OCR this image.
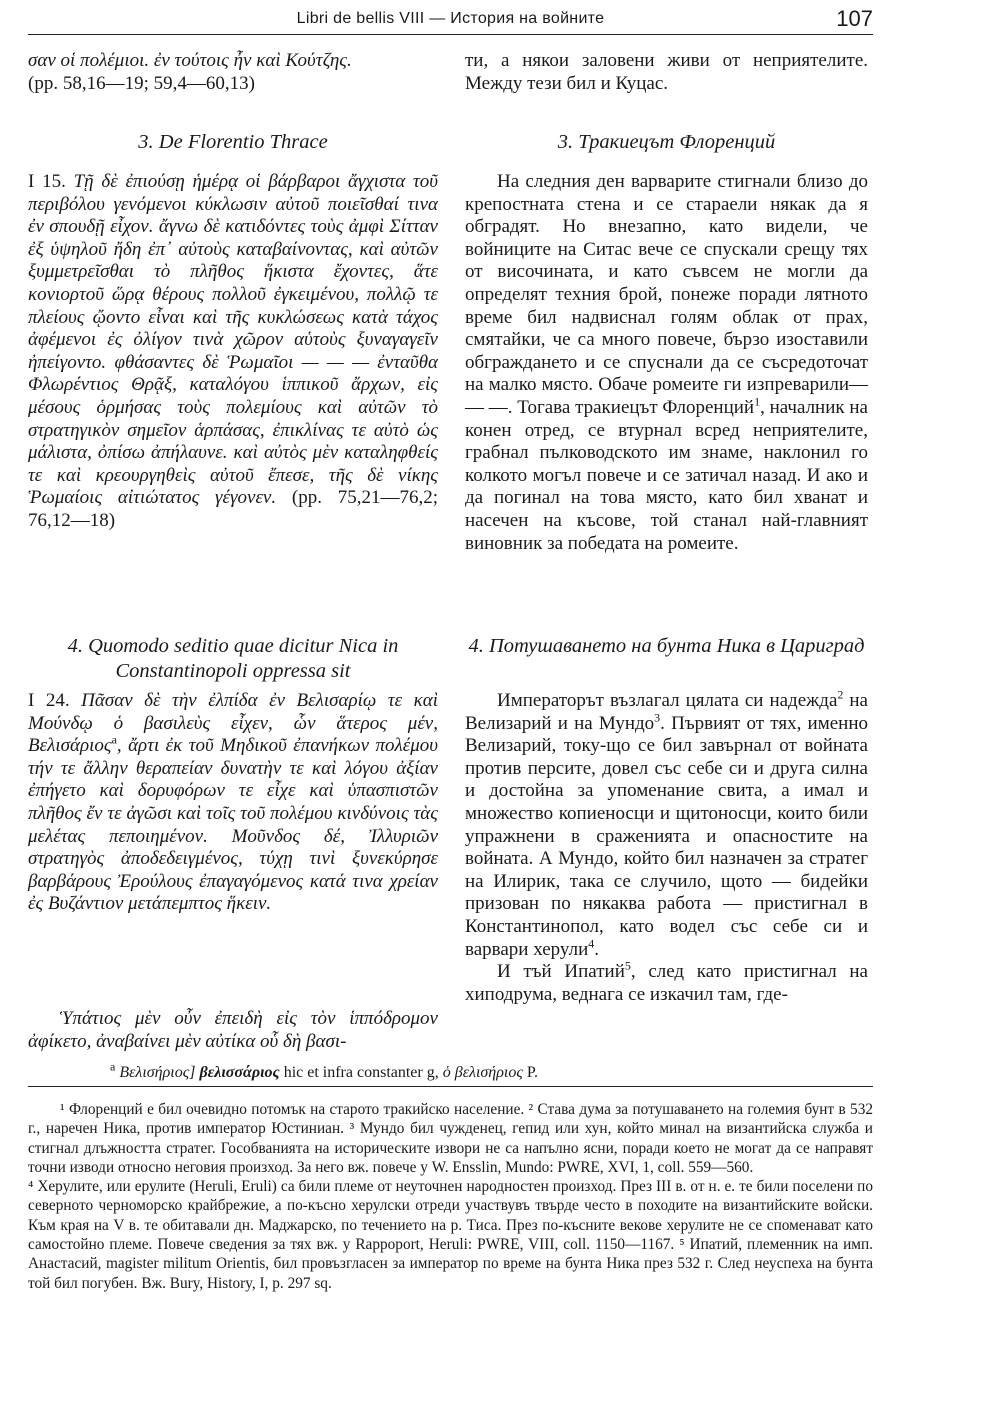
Libri de bellis VIII — История на войните	107

σαν οἱ πολέμιοι. ἐν τούτοις ἦν καὶ Κούτζης.
(pp. 58,16—19; 59,4—60,13)

3. De Florentio Thrace

I 15. Τῇ δὲ ἐπιούσῃ ἡμέρᾳ οἱ βάρβαροι ἄγχιστα τοῦ περιβόλου γενόμενοι κύκλωσιν αὐτοῦ ποιεῖσθαί τινα ἐν σπουδῇ εἶχον. ἄγνω δὲ κατιδόντες τοὺς ἀμφὶ Σίτταν ἐξ ὑψηλοῦ ἤδη ἐπ᾽ αὐτοὺς καταβαίνοντας, καὶ αὐτῶν ξυμμετρεῖσθαι τὸ πλῆθος ἥκιστα ἔχοντες, ἅτε κονιορτοῦ ὥρᾳ θέρους πολλοῦ ἐγκειμένου, πολλῷ τε πλείους ᾤοντο εἶναι καὶ τῆς κυκλώσεως κατὰ τάχος ἀφέμενοι ἐς ὀλίγον τινὰ χῶρον αὑτοὺς ξυναγαγεῖν ἠπείγοντο. φθάσαντες δὲ Ῥωμαῖοι — — — ἐνταῦθα Φλωρέντιος Θρᾷξ, καταλόγου ἱππικοῦ ἄρχων, εἰς μέσους ὁρμήσας τοὺς πολεμίους καὶ αὐτῶν τὸ στρατηγικὸν σημεῖον ἁρπάσας, ἐπικλίνας τε αὐτὸ ὡς μάλιστα, ὀπίσω ἀπήλαυνε. καὶ αὐτὸς μὲν καταληφθείς τε καὶ κρεουργηθεὶς αὐτοῦ ἔπεσε, τῆς δὲ νίκης Ῥωμαίοις αἰτιώτατος γέγονεν. (pp. 75,21—76,2; 76,12—18)

4. Quomodo seditio quae dicitur Nica in Constantinopoli oppressa sit

I 24. Πᾶσαν δὲ τὴν ἐλπίδα ἐν Βελισαρίῳ τε καὶ Μούνδῳ ὁ βασιλεὺς εἶχεν, ὧν ἅτερος μέν, Βελισάριος$^a$, ἄρτι ἐκ τοῦ Μηδικοῦ ἐπανήκων πολέμου τήν τε ἄλλην θεραπείαν δυνατὴν τε καὶ λόγου ἀξίαν ἐπήγετο καὶ δορυφόρων τε εἶχε καὶ ὑπασπιστῶν πλῆθος ἔν τε ἀγῶσι καὶ τοῖς τοῦ πολέμου κινδύνοις τὰς μελέτας πεποιημένον. Μοῦνδος δέ, Ἰλλυριῶν στρατηγὸς ἀποδεδειγμένος, τύχῃ τινὶ ξυνεκύρησε βαρβάρους Ἐρούλους ἐπαγαγόμενος κατά τινα χρείαν ἐς Βυζάντιον μετάπεμπτος ἥκειν.

Ὑπάτιος μὲν οὖν ἐπειδὴ εἰς τὸν ἱππόδρομον ἀφίκετο, ἀναβαίνει μὲν αὐτίκα οὗ δὴ βασι-

ти, а някои заловени живи от неприятелите. Между тези бил и Куцас.

3. Тракиецът Флоренций

На следния ден варварите стигнали близо до крепостната стена и се старaели някак да я обградят. Но внезапно, като видели, че войниците на Ситас вече се спускали срещу тях от височината, и като съвсем не могли да определят техния брой, понеже поради лятното време бил надвиснал голям облак от прах, смятайки, че са много повече, бързо изоставили обграждането и се спуснали да се съсредоточат на малко място. Обаче ромеите ги изпреварили— — —. Тогава тракиецът Флоренций$^1$, началник на конен отред, се втурнал всред неприятелите, грабнал пълководското им знаме, наклонил го колкото могъл повече и се затичал назад. И ако и да погинал на това място, като бил хванат и насечен на късове, той станал най-главният виновник за победата на ромеите.

4. Потушаването на бунта Ника в Цариград

Императорът възлагал цялата си надежда$^2$ на Велизарий и на Мундо$^3$. Първият от тях, именно Велизарий, току-що се бил завърнал от войната против персите, довел със себе си и друга силна и достойна за упоменание свита, а имал и множество копиеносци и щитоносци, които били упражнени в сраженията и опасностите на войната. А Мундо, който бил назначен за стратег на Илирик, така се случило, щото — бидейки призован по някаква работа — пристигнал в Константинопол, като водел със себе си и варвари херули$^4$.

И тъй Ипатий$^5$, след като пристигнал на хиподрума, веднага се изкачил там, где-

$^a$ Βελισήριος] βελισσάριος hic et infra constanter g, ὁ βελισήριος P.

¹ Флоренций е бил очевидно потомък на старото тракийско население. ² Става дума за потушаването на големия бунт в 532 г., наречен Ника, против император Юстиниан. ³ Мундо бил чужденец, гепид или хун, който минал на византийска служба и стигнал длъжността стратег. Гособванията на историческите извори не са напълно ясни, поради което не могат да се направят точни изводи относно неговия произход. За него вж. повече у W. Ensslin, Mundo: PWRE, XVI, 1, coll. 559—560.

⁴ Херулите, или ерулите (Heruli, Eruli) са били племе от неуточнен народностен произход. През III в. от н. е. те били поселени по северното черноморско крайбрежие, а по-късно херулски отреди участвувъ твърде често в походите на византийските войски. Към края на V в. те обитавали дн. Маджарско, по течението на р. Тиса. През по-късните векове херулите не се споменават като самостойно племе. Повече сведения за тях вж. у Rappoport, Heruli: PWRE, VIII, coll. 1150—1167. ⁵ Ипатий, племенник на имп. Анастасий, magister militum Orientis, бил провъзгласен за император по време на бунта Ника през 532 г. След неуспеха на бунта той бил погубен. Вж. Bury, History, I, p. 297 sq.
